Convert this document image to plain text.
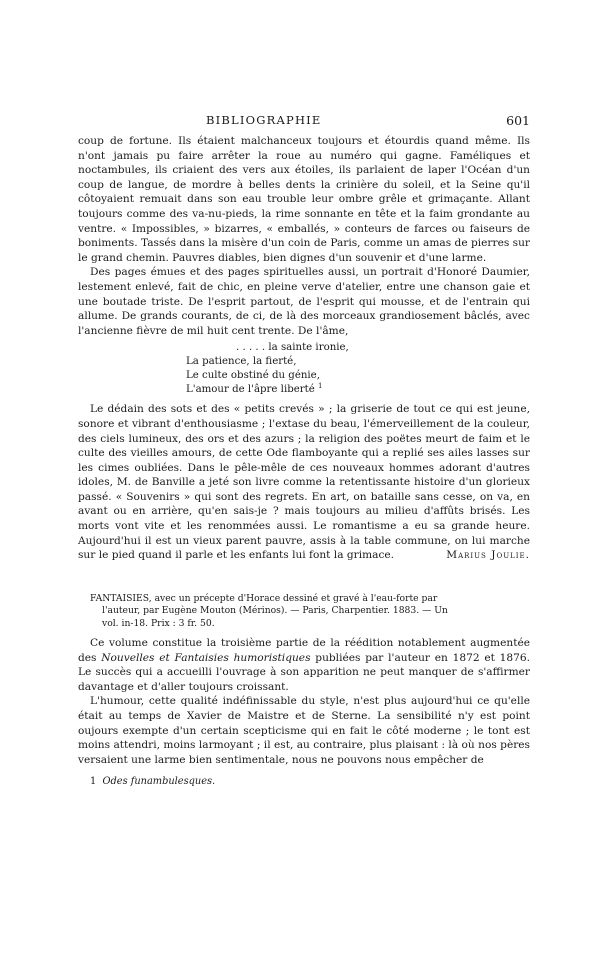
BIBLIOGRAPHIE	601

coup de fortune. Ils étaient malchanceux toujours et étourdis quand même. Ils n'ont jamais pu faire arrêter la roue au numéro qui gagne. Faméliques et noctambules, ils criaient des vers aux étoiles, ils parlaient de laper l'Océan d'un coup de langue, de mordre à belles dents la crinière du soleil, et la Seine qu'il côtoyaient remuait dans son eau trouble leur ombre grêle et grimaçante. Allant toujours comme des va-nu-pieds, la rime sonnante en tête et la faim grondante au ventre. « Impossibles, » bizarres, « emballés, » conteurs de farces ou faiseurs de boniments. Tassés dans la misère d'un coin de Paris, comme un amas de pierres sur le grand chemin. Pauvres diables, bien dignes d'un souvenir et d'une larme.

Des pages émues et des pages spirituelles aussi, un portrait d'Honoré Daumier, lestement enlevé, fait de chic, en pleine verve d'atelier, entre une chanson gaie et une boutade triste. De l'esprit partout, de l'esprit qui mousse, et de l'entrain qui allume. De grands courants, de ci, de là des morceaux grandiosement bâclés, avec l'ancienne fièvre de mil huit cent trente. De l'âme,

. . . . . la sainte ironie,
La patience, la fierté,
Le culte obstiné du génie,
L'amour de l'âpre liberté $^1$

Le dédain des sots et des « petits crevés » ; la griserie de tout ce qui est jeune, sonore et vibrant d'enthousiasme ; l'extase du beau, l'émerveillement de la couleur, des ciels lumineux, des ors et des azurs ; la religion des poëtes meurt de faim et le culte des vieilles amours, de cette Ode flamboyante qui a replié ses ailes lasses sur les cimes oubliées. Dans le pêle-mêle de ces nouveaux hommes adorant d'autres idoles, M. de Banville a jeté son livre comme la retentissante histoire d'un glorieux passé. « Souvenirs » qui sont des regrets. En art, on bataille sans cesse, on va, en avant ou en arrière, qu'en sais-je ? mais toujours au milieu d'affûts brisés. Les morts vont vite et les renommées aussi. Le romantisme a eu sa grande heure. Aujourd'hui il est un vieux parent pauvre, assis à la table commune, on lui marche sur le pied quand il parle et les enfants lui font la grimace.	Marius Joulie.

FANTAISIES, avec un précepte d'Horace dessiné et gravé à l'eau-forte par
l'auteur, par Eugène Mouton (Mérinos). — Paris, Charpentier. 1883. — Un
vol. in-18. Prix : 3 fr. 50.

Ce volume constitue la troisième partie de la réédition notablement augmentée des Nouvelles et Fantaisies humoristiques publiées par l'auteur en 1872 et 1876. Le succès qui a accueilli l'ouvrage à son apparition ne peut manquer de s'affirmer davantage et d'aller toujours croissant.

L'humour, cette qualité indéfinissable du style, n'est plus aujourd'hui ce qu'elle était au temps de Xavier de Maistre et de Sterne. La sensibilité n'y est point oujours exempte d'un certain scepticisme qui en fait le côté moderne ; le tont est moins attendri, moins larmoyant ; il est, au contraire, plus plaisant : là où nos pères versaient une larme bien sentimentale, nous ne pouvons nous empêcher de

1 Odes funambulesques.
